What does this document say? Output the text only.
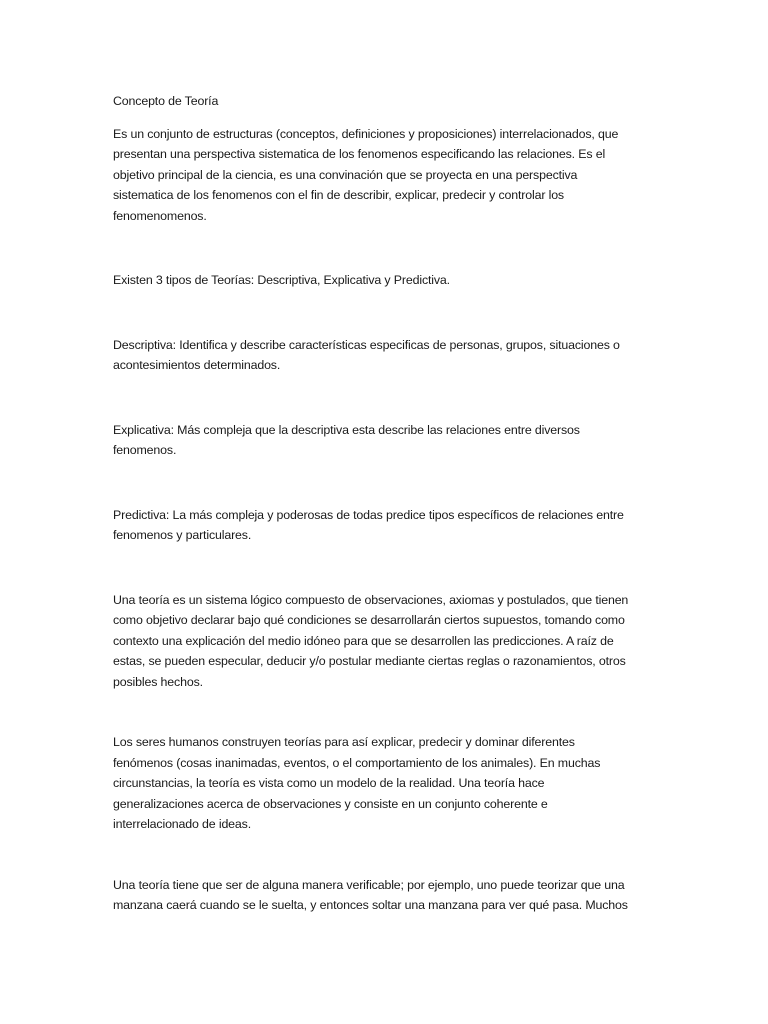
Concepto de Teoría

Es un conjunto de estructuras (conceptos, definiciones y proposiciones) interrelacionados, que

presentan una perspectiva sistematica de los fenomenos especificando las relaciones. Es el

objetivo principal de la ciencia, es una convinación que se proyecta en una perspectiva

sistematica de los fenomenos con el fin de describir, explicar, predecir y controlar los

fenomenomenos.

Existen 3 tipos de Teorías: Descriptiva, Explicativa y Predictiva.

Descriptiva: Identifica y describe características especificas de personas, grupos, situaciones o

acontesimientos determinados.

Explicativa: Más compleja que la descriptiva esta describe las relaciones entre diversos

fenomenos.

Predictiva: La más compleja y poderosas de todas predice tipos específicos de relaciones entre

fenomenos y particulares.

Una teoría es un sistema lógico compuesto de observaciones, axiomas y postulados, que tienen

como objetivo declarar bajo qué condiciones se desarrollarán ciertos supuestos, tomando como

contexto una explicación del medio idóneo para que se desarrollen las predicciones. A raíz de

estas, se pueden especular, deducir y/o postular mediante ciertas reglas o razonamientos, otros

posibles hechos.

Los seres humanos construyen teorías para así explicar, predecir y dominar diferentes

fenómenos (cosas inanimadas, eventos, o el comportamiento de los animales). En muchas

circunstancias, la teoría es vista como un modelo de la realidad. Una teoría hace

generalizaciones acerca de observaciones y consiste en un conjunto coherente e

interrelacionado de ideas.

Una teoría tiene que ser de alguna manera verificable; por ejemplo, uno puede teorizar que una

manzana caerá cuando se le suelta, y entonces soltar una manzana para ver qué pasa. Muchos
